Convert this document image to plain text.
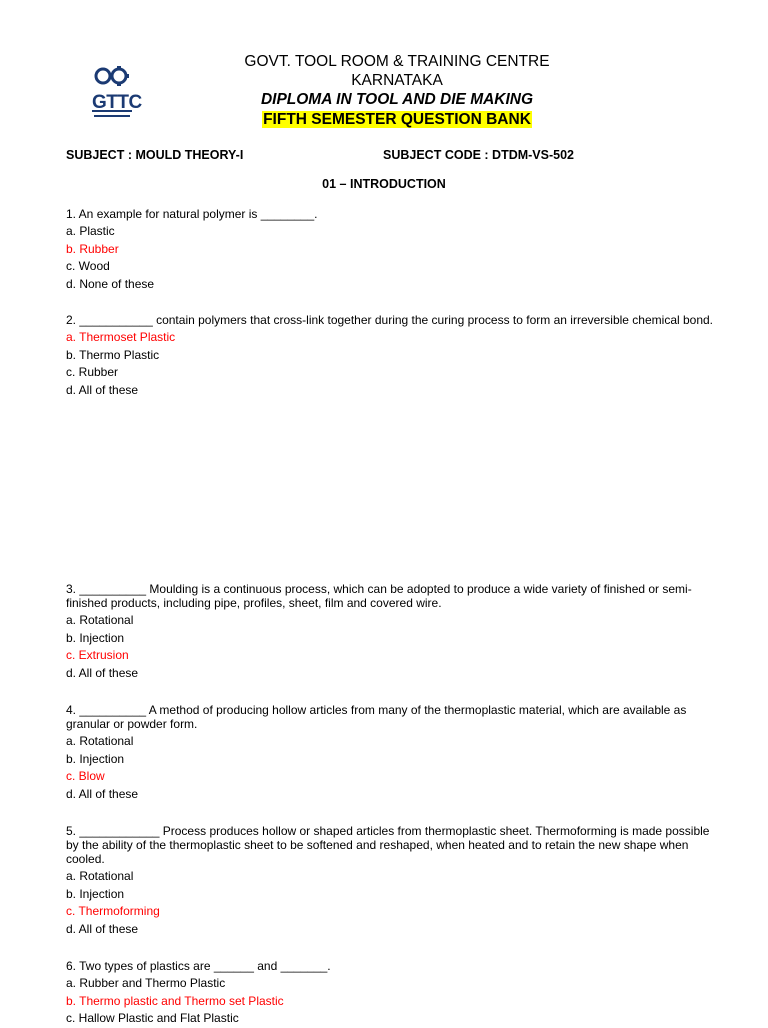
GTTC
GOVT. TOOL ROOM & TRAINING CENTRE
KARNATAKA
DIPLOMA IN TOOL AND DIE MAKING
FIFTH SEMESTER QUESTION BANK
SUBJECT : MOULD THEORY-I	SUBJECT CODE : DTDM-VS-502
01 – INTRODUCTION
1. An example for natural polymer is ________.
a. Plastic
b. Rubber
c. Wood
d. None of these
2. ___________ contain polymers that cross-link together during the curing process to form an irreversible chemical bond.
a. Thermoset Plastic
b. Thermo Plastic
c. Rubber
d. All of these
3. __________ Moulding is a continuous process, which can be adopted to produce a wide variety of finished or semi-finished products, including pipe, profiles, sheet, film and covered wire.
a. Rotational
b. Injection
c. Extrusion
d. All of these
4. __________ A method of producing hollow articles from many of the thermoplastic material, which are available as granular or powder form.
a. Rotational
b. Injection
c. Blow
d. All of these
5. ____________ Process produces hollow or shaped articles from thermoplastic sheet. Thermoforming is made possible by the ability of the thermoplastic sheet to be softened and reshaped, when heated and to retain the new shape when cooled.
a. Rotational
b. Injection
c. Thermoforming
d. All of these
6. Two types of plastics are ______ and _______.
a. Rubber and Thermo Plastic
b. Thermo plastic and Thermo set Plastic
c. Hallow Plastic and Flat Plastic
